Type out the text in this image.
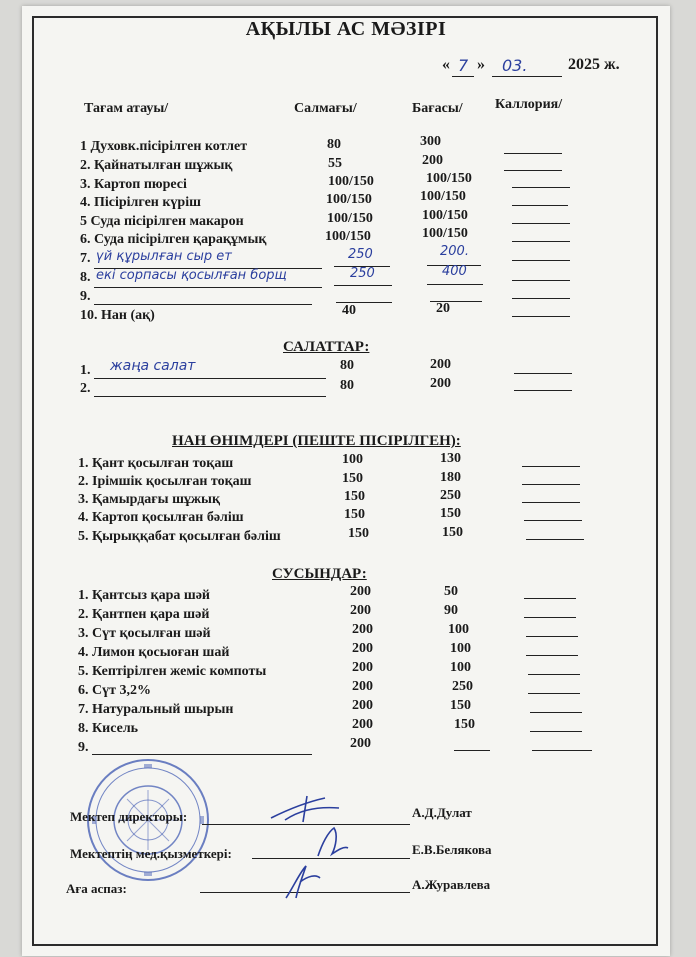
АҚЫЛЫ АС МӘЗІРІ
« 7 » 03.	2025 ж.
Тағам атауы/	Салмағы/	Бағасы/ Каллория/
1 Духовк.пісірілген котлет	80	300
2. Қайнатылған шұжық	55	200
3. Картоп пюресі	100/150	100/150
4. Пісірілген күріш	100/150	100/150
5 Суда пісірілген макарон	100/150	100/150
6. Суда пісірілген қарақұмық	100/150	100/150
7. үй құрылған сыр ет	250	200.
8. екі сорпасы қосылған борщ	250	400
9.
10. Нан (ақ)	40	20
САЛАТТАР:
1. жаңа салат	80	200
2.	80	200
НАН ӨНІМДЕРІ (ПЕШТЕ ПІСІРІЛГЕН):
1. Қант қосылған тоқаш	100	130
2. Ірімшік қосылған тоқаш	150	180
3. Қамырдағы шұжық	150	250
4. Картоп қосылған бәліш	150	150
5. Қырыққабат қосылған бәліш	150	150
СУСЫНДАР:
1. Қантсыз қара шәй	200	50
2. Қантпен қара шәй	200	90
3. Сүт қосылған шәй	200	100
4. Лимон қосыоған шай	200	100
5. Кептірілген жеміс компоты	200	100
6. Сүт 3,2%	200	250
7. Натуральный шырын	200	150
8. Кисель	200	150
9.	200
Мектеп директоры:	А.Д.Дулат
Мектептің мед.қызметкері:	Е.В.Белякова
Аға аспаз:	А.Журавлева
